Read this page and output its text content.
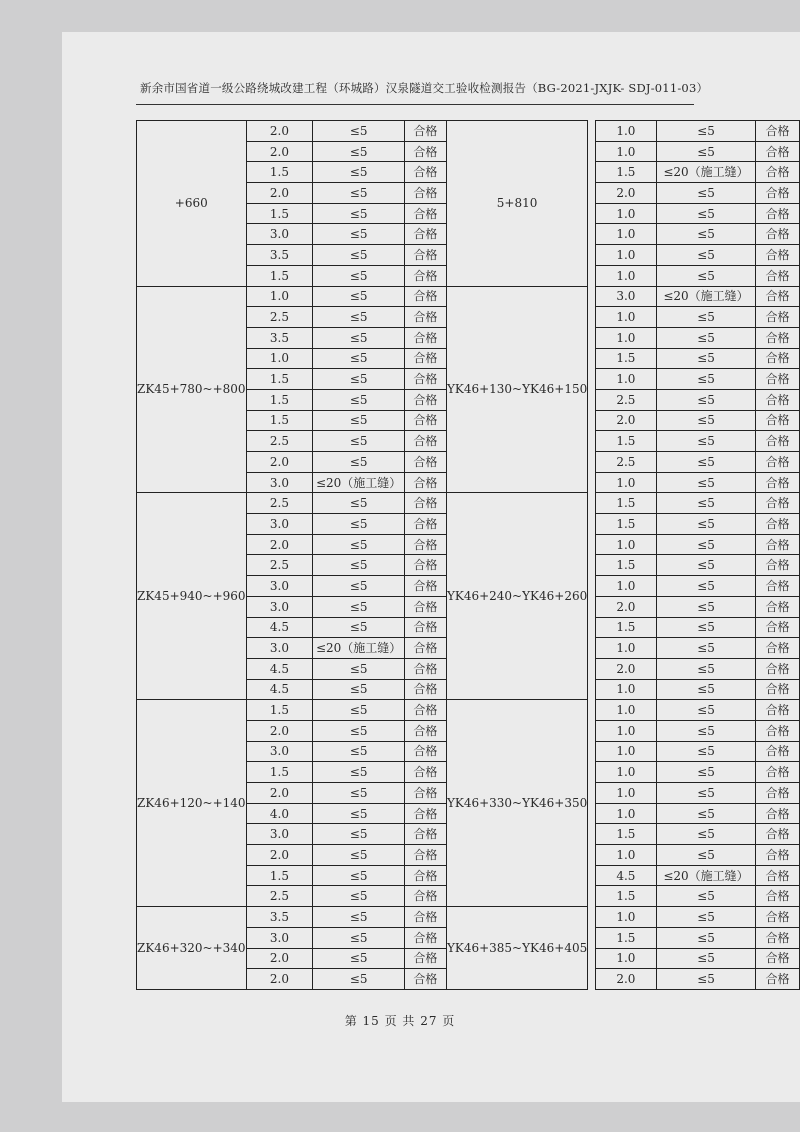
新余市国省道一级公路绕城改建工程（环城路）汉泉隧道交工验收检测报告（BG-2021-JXJK- SDJ-011-03）
+660	2.0	≤5	合格	5+810		1.0	≤5	合格
	2.0	≤5	合格			1.0	≤5	合格
	1.5	≤5	合格			1.5	≤20（施工缝）	合格
	2.0	≤5	合格			2.0	≤5	合格
	1.5	≤5	合格			1.0	≤5	合格
	3.0	≤5	合格			1.0	≤5	合格
	3.5	≤5	合格			1.0	≤5	合格
	1.5	≤5	合格			1.0	≤5	合格
ZK45+780~+800	1.0	≤5	合格	YK46+130~YK46+150		3.0	≤20（施工缝）	合格
	2.5	≤5	合格			1.0	≤5	合格
	3.5	≤5	合格			1.0	≤5	合格
	1.0	≤5	合格			1.5	≤5	合格
	1.5	≤5	合格			1.0	≤5	合格
	1.5	≤5	合格			2.5	≤5	合格
	1.5	≤5	合格			2.0	≤5	合格
	2.5	≤5	合格			1.5	≤5	合格
	2.0	≤5	合格			2.5	≤5	合格
	3.0	≤20（施工缝）	合格			1.0	≤5	合格
ZK45+940~+960	2.5	≤5	合格	YK46+240~YK46+260		1.5	≤5	合格
	3.0	≤5	合格			1.5	≤5	合格
	2.0	≤5	合格			1.0	≤5	合格
	2.5	≤5	合格			1.5	≤5	合格
	3.0	≤5	合格			1.0	≤5	合格
	3.0	≤5	合格			2.0	≤5	合格
	4.5	≤5	合格			1.5	≤5	合格
	3.0	≤20（施工缝）	合格			1.0	≤5	合格
	4.5	≤5	合格			2.0	≤5	合格
	4.5	≤5	合格			1.0	≤5	合格
ZK46+120~+140	1.5	≤5	合格	YK46+330~YK46+350		1.0	≤5	合格
	2.0	≤5	合格			1.0	≤5	合格
	3.0	≤5	合格			1.0	≤5	合格
	1.5	≤5	合格			1.0	≤5	合格
	2.0	≤5	合格			1.0	≤5	合格
	4.0	≤5	合格			1.0	≤5	合格
	3.0	≤5	合格			1.5	≤5	合格
	2.0	≤5	合格			1.0	≤5	合格
	1.5	≤5	合格			4.5	≤20（施工缝）	合格
	2.5	≤5	合格			1.5	≤5	合格
ZK46+320~+340	3.5	≤5	合格	YK46+385~YK46+405		1.0	≤5	合格
	3.0	≤5	合格			1.5	≤5	合格
	2.0	≤5	合格			1.0	≤5	合格
	2.0	≤5	合格			2.0	≤5	合格
第 15 页 共 27 页
